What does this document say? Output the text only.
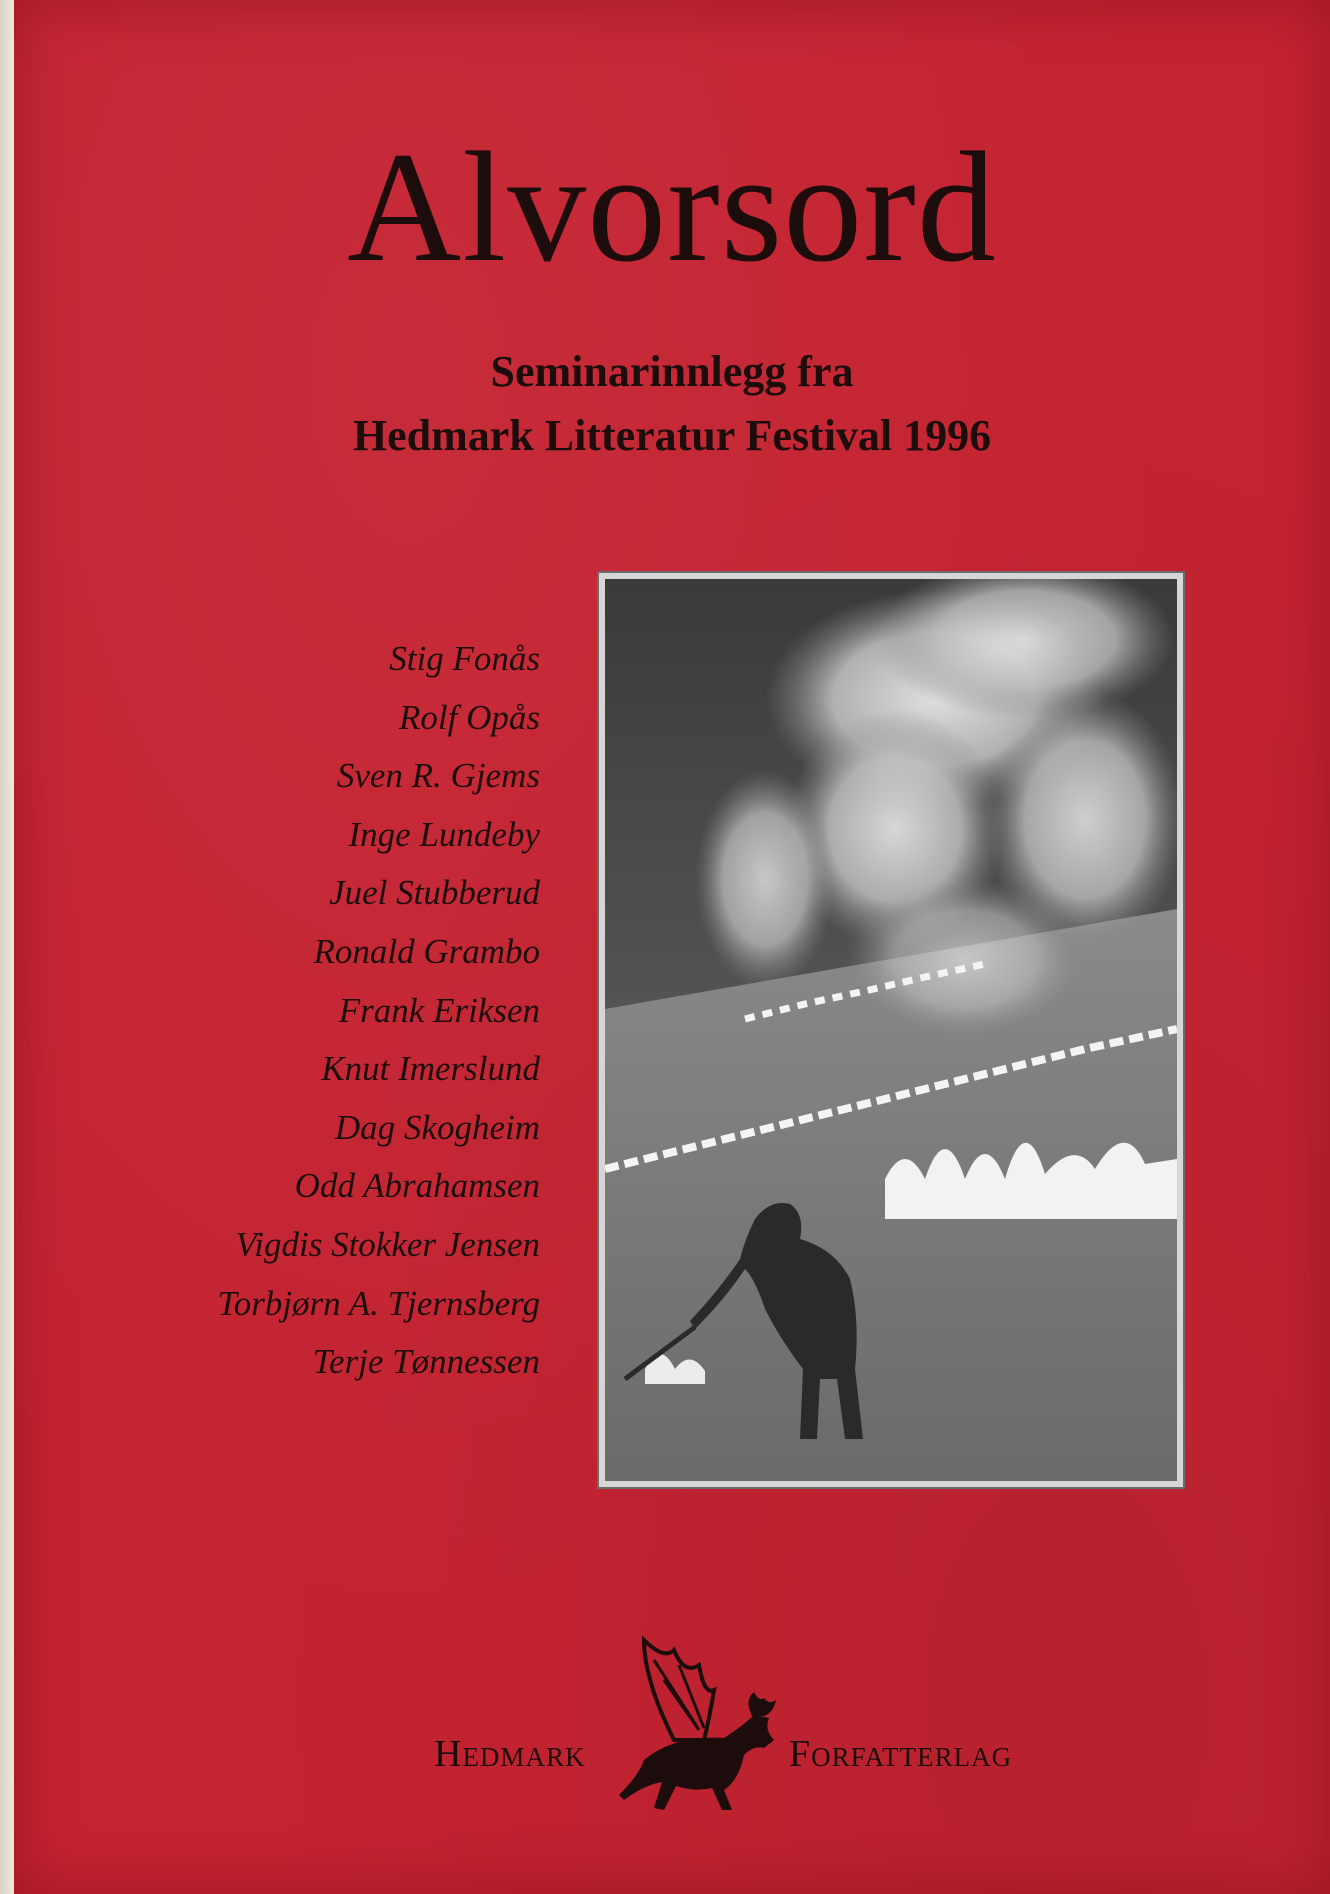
Alvorsord

Seminarinnlegg fra

Hedmark Litteratur Festival 1996

Stig Fonås
Rolf Opås
Sven R. Gjems
Inge Lundeby
Juel Stubberud
Ronald Grambo
Frank Eriksen
Knut Imerslund
Dag Skogheim
Odd Abrahamsen
Vigdis Stokker Jensen
Torbjørn A. Tjernsberg
Terje Tønnessen

Hedmark	Forfatterlag
